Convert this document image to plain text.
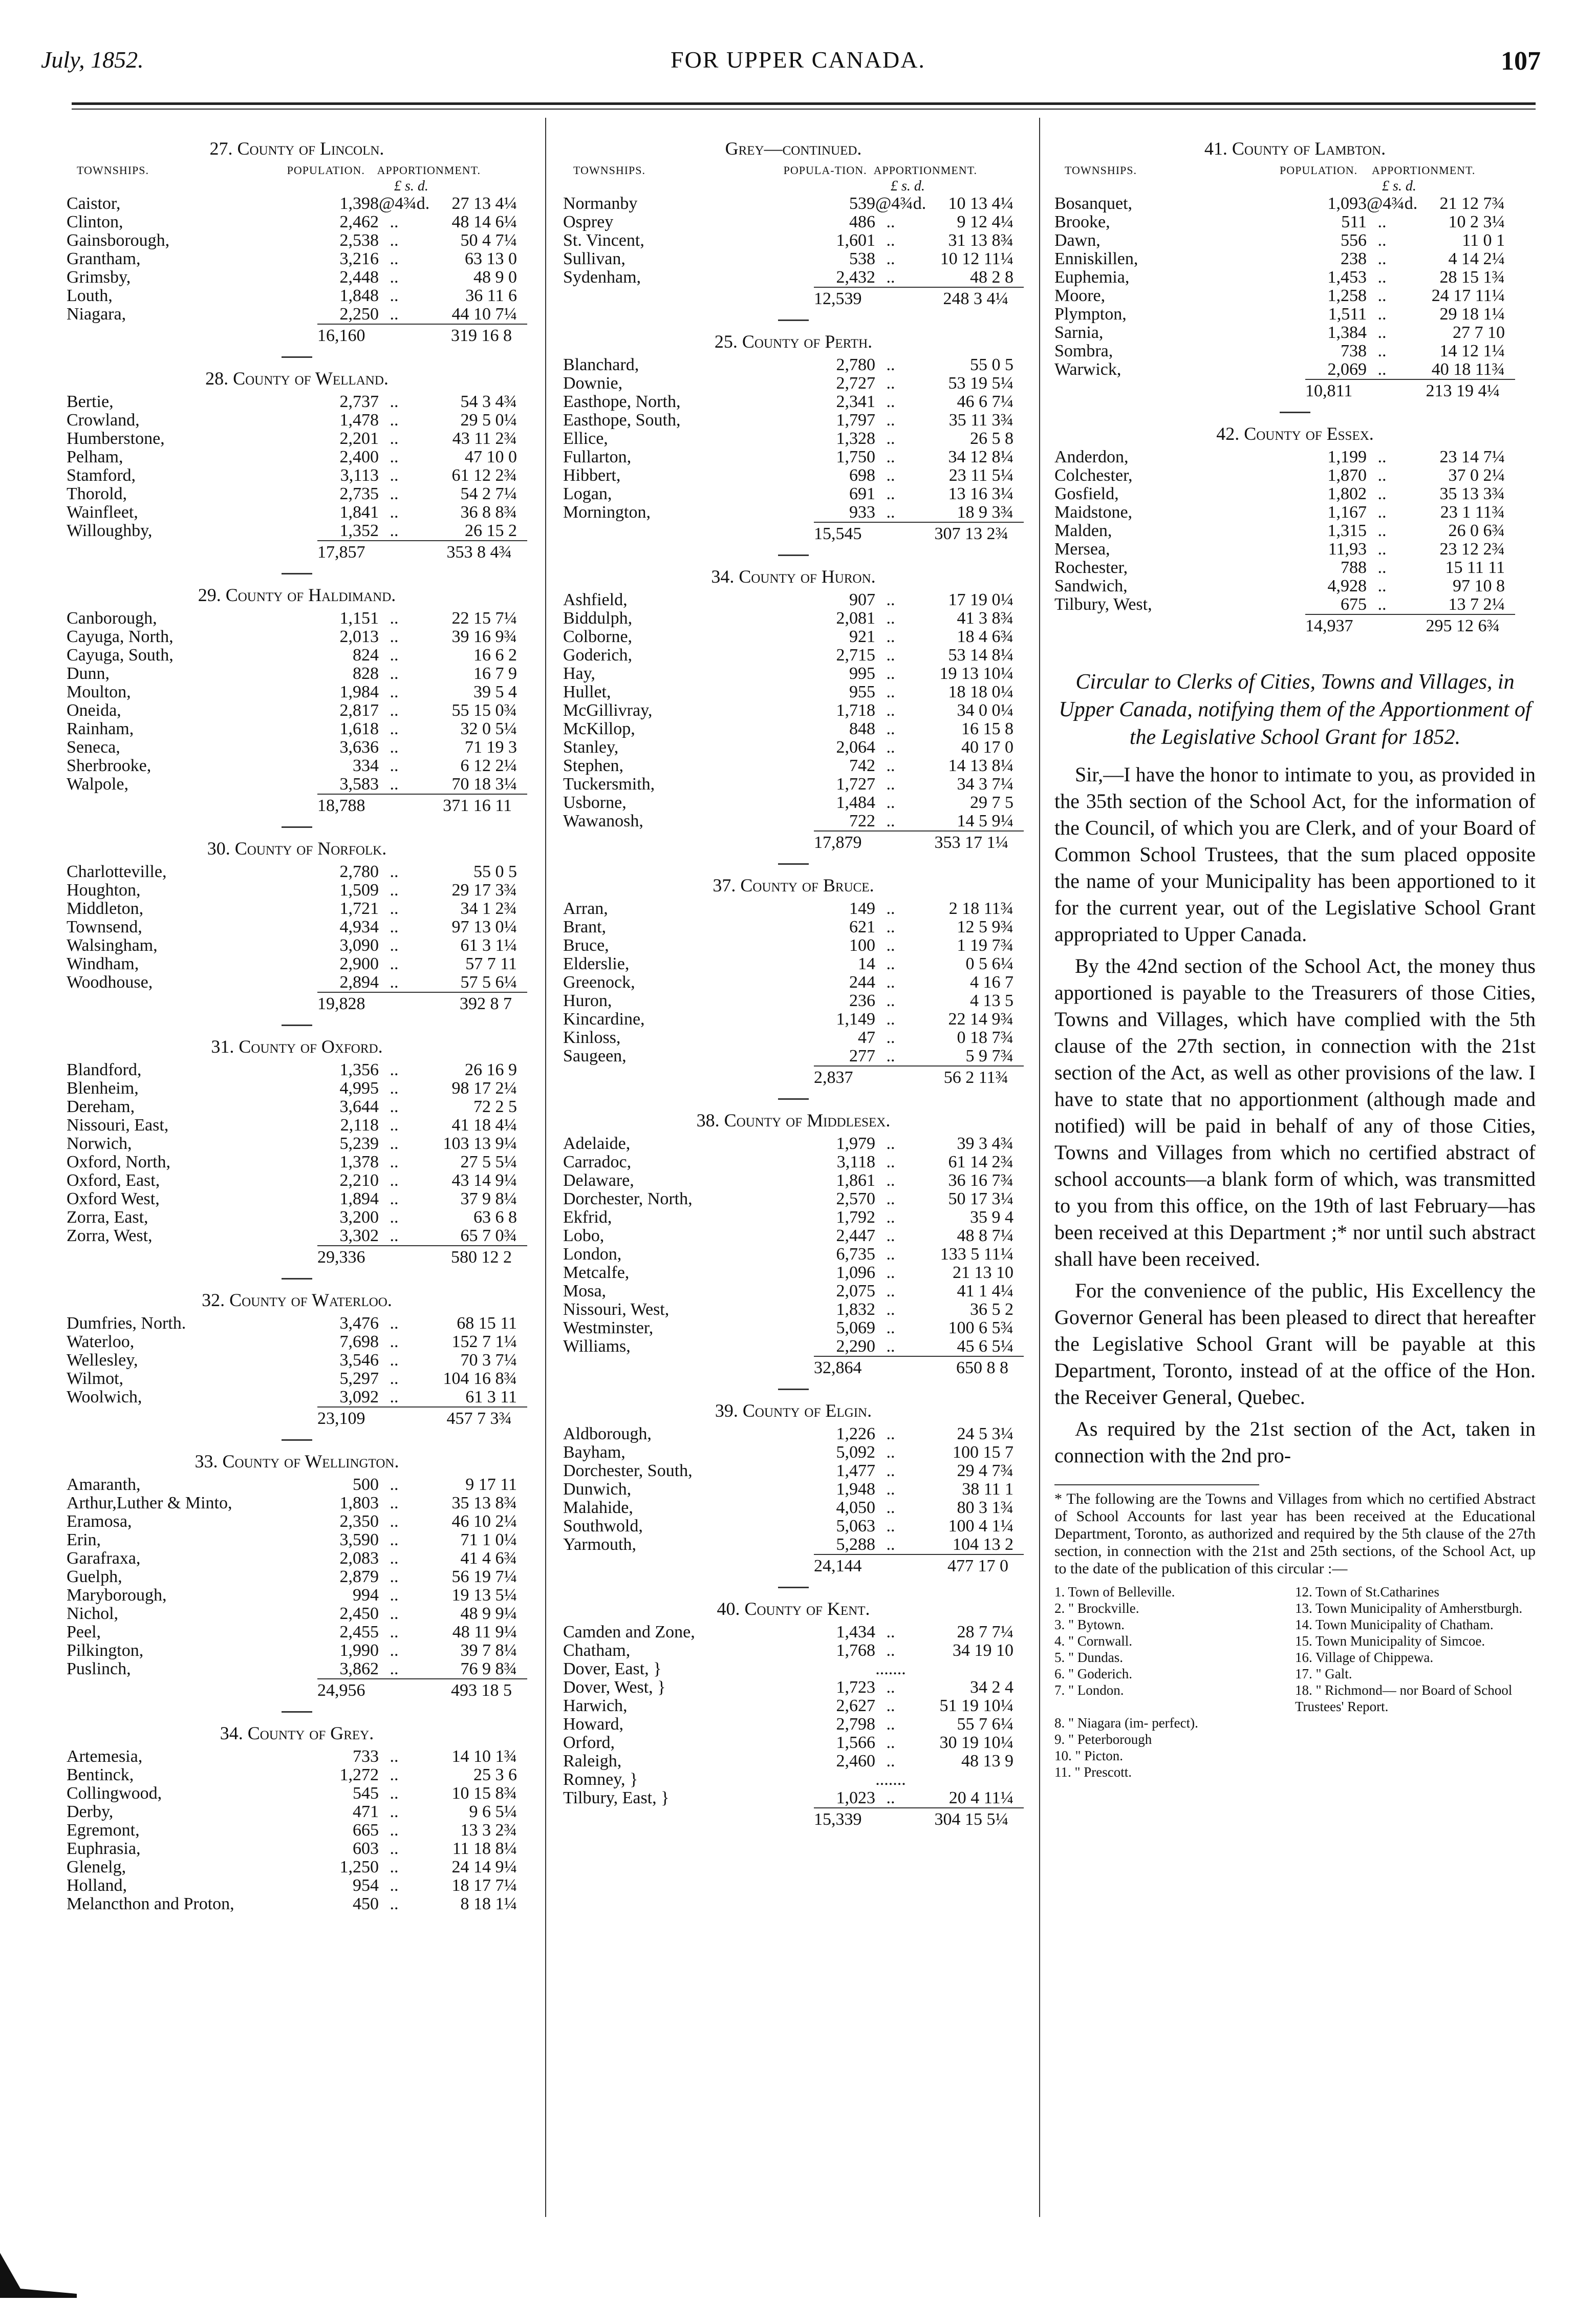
July, 1852.	FOR UPPER CANADA.	107
27. County of Lincoln.
TOWNSHIPS.	POPULATION.	APPORTIONMENT.
£ s. d.
Caistor,	1,398 @4¾d.	27 13 4¼
Clinton,	2,462 ..	48 14 6¼
Gainsborough,	2,538 ..	50 4 7¼
Grantham,	3,216 ..	63 13 0
Grimsby,	2,448 ..	48 9 0
Louth,	1,848 ..	36 11 6
Niagara,	2,250 ..	44 10 7¼
16,160	319 16 8
28. County of Welland.
Bertie,	2,737 ..	54 3 4¾
Crowland,	1,478 ..	29 5 0¼
Humberstone,	2,201 ..	43 11 2¾
Pelham,	2,400 ..	47 10 0
Stamford,	3,113 ..	61 12 2¾
Thorold,	2,735 ..	54 2 7¼
Wainfleet,	1,841 ..	36 8 8¾
Willoughby,	1,352 ..	26 15 2
17,857	353 8 4¾
29. County of Haldimand.
Canborough,	1,151 ..	22 15 7¼
Cayuga, North,	2,013 ..	39 16 9¾
Cayuga, South,	824 ..	16 6 2
Dunn,	828 ..	16 7 9
Moulton,	1,984 ..	39 5 4
Oneida,	2,817 ..	55 15 0¾
Rainham,	1,618 ..	32 0 5¼
Seneca,	3,636 ..	71 19 3
Sherbrooke,	334 ..	6 12 2¼
Walpole,	3,583 ..	70 18 3¼
18,788	371 16 11
30. County of Norfolk.
Charlotteville,	2,780 ..	55 0 5
Houghton,	1,509 ..	29 17 3¾
Middleton,	1,721 ..	34 1 2¾
Townsend,	4,934 ..	97 13 0¼
Walsingham,	3,090 ..	61 3 1¼
Windham,	2,900 ..	57 7 11
Woodhouse,	2,894 ..	57 5 6¼
19,828	392 8 7
31. County of Oxford.
Blandford,	1,356 ..	26 16 9
Blenheim,	4,995 ..	98 17 2¼
Dereham,	3,644 ..	72 2 5
Nissouri, East,	2,118 ..	41 18 4¼
Norwich,	5,239 ..	103 13 9¼
Oxford, North,	1,378 ..	27 5 5¼
Oxford, East,	2,210 ..	43 14 9¼
Oxford West,	1,894 ..	37 9 8¼
Zorra, East,	3,200 ..	63 6 8
Zorra, West,	3,302 ..	65 7 0¾
29,336	580 12 2
32. County of Waterloo.
Dumfries, North.	3,476 ..	68 15 11
Waterloo,	7,698 ..	152 7 1¼
Wellesley,	3,546 ..	70 3 7¼
Wilmot,	5,297 ..	104 16 8¾
Woolwich,	3,092 ..	61 3 11
23,109	457 7 3¾
33. County of Wellington.
Amaranth,	500 ..	9 17 11
Arthur,Luther & Minto,	1,803 ..	35 13 8¾
Eramosa,	2,350 ..	46 10 2¼
Erin,	3,590 ..	71 1 0¼
Garafraxa,	2,083 ..	41 4 6¾
Guelph,	2,879 ..	56 19 7¼
Maryborough,	994 ..	19 13 5¼
Nichol,	2,450 ..	48 9 9¼
Peel,	2,455 ..	48 11 9¼
Pilkington,	1,990 ..	39 7 8¼
Puslinch,	3,862 ..	76 9 8¾
24,956	493 18 5
34. County of Grey.
Artemesia,	733 ..	14 10 1¾
Bentinck,	1,272 ..	25 3 6
Collingwood,	545 ..	10 15 8¾
Derby,	471 ..	9 6 5¼
Egremont,	665 ..	13 3 2¾
Euphrasia,	603 ..	11 18 8¼
Glenelg,	1,250 ..	24 14 9¼
Holland,	954 ..	18 17 7¼
Melancthon and Proton,	450 ..	8 18 1¼
Grey—continued.
TOWNSHIPS.	POPULA-TION. APPORTIONMENT.
£ s. d.
Normanby	539 @4¾d.	10 13 4¼
Osprey	486 ..	9 12 4¼
St. Vincent,	1,601 ..	31 13 8¾
Sullivan,	538 ..	10 12 11¼
Sydenham,	2,432 ..	48 2 8
12,539	248 3 4¼
25. County of Perth.
Blanchard,	2,780 ..	55 0 5
Downie,	2,727 ..	53 19 5¼
Easthope, North,	2,341 ..	46 6 7¼
Easthope, South,	1,797 ..	35 11 3¾
Ellice,	1,328 ..	26 5 8
Fullarton,	1,750 ..	34 12 8¼
Hibbert,	698 ..	23 11 5¼
Logan,	691 ..	13 16 3¼
Mornington,	933 ..	18 9 3¾
15,545	307 13 2¾
34. County of Huron.
Ashfield,	907 ..	17 19 0¼
Biddulph,	2,081 ..	41 3 8¾
Colborne,	921 ..	18 4 6¾
Goderich,	2,715 ..	53 14 8¼
Hay,	995 ..	19 13 10¼
Hullet,	955 ..	18 18 0¼
McGillivray,	1,718 ..	34 0 0¼
McKillop,	848 ..	16 15 8
Stanley,	2,064 ..	40 17 0
Stephen,	742 ..	14 13 8¼
Tuckersmith,	1,727 ..	34 3 7¼
Usborne,	1,484 ..	29 7 5
Wawanosh,	722 ..	14 5 9¼
17,879	353 17 1¼
37. County of Bruce.
Arran,	149 ..	2 18 11¾
Brant,	621 ..	12 5 9¾
Bruce,	100 ..	1 19 7¾
Elderslie,	14 ..	0 5 6¼
Greenock,	244 ..	4 16 7
Huron,	236 ..	4 13 5
Kincardine,	1,149 ..	22 14 9¾
Kinloss,	47 ..	0 18 7¾
Saugeen,	277 ..	5 9 7¾
2,837	56 2 11¾
38. County of Middlesex.
Adelaide,	1,979 ..	39 3 4¾
Carradoc,	3,118 ..	61 14 2¾
Delaware,	1,861 ..	36 16 7¾
Dorchester, North,	2,570 ..	50 17 3¼
Ekfrid,	1,792 ..	35 9 4
Lobo,	2,447 ..	48 8 7¼
London,	6,735 ..	133 5 11¼
Metcalfe,	1,096 ..	21 13 10
Mosa,	2,075 ..	41 1 4¼
Nissouri, West,	1,832 ..	36 5 2
Westminster,	5,069 ..	100 6 5¾
Williams,	2,290 ..	45 6 5¼
32,864	650 8 8
39. County of Elgin.
Aldborough,	1,226 ..	24 5 3¼
Bayham,	5,092 ..	100 15 7
Dorchester, South,	1,477 ..	29 4 7¾
Dunwich,	1,948 ..	38 11 1
Malahide,	4,050 ..	80 3 1¾
Southwold,	5,063 ..	100 4 1¼
Yarmouth,	5,288 ..	104 13 2
24,144	477 17 0
40. County of Kent.
Camden and Zone,	1,434 ..	28 7 7¼
Chatham,	1,768 ..	34 19 10
Dover, East, }	.......
Dover, West, }	1,723 ..	34 2 4
Harwich,	2,627 ..	51 19 10¼
Howard,	2,798 ..	55 7 6¼
Orford,	1,566 ..	30 19 10¼
Raleigh,	2,460 ..	48 13 9
Romney, }	.......
Tilbury, East, }	1,023 ..	20 4 11¼
15,339	304 15 5¼
41. County of Lambton.
TOWNSHIPS.	POPULATION.	APPORTIONMENT.
£ s. d.
Bosanquet,	1,093 @4¾d.	21 12 7¾
Brooke,	511 ..	10 2 3¼
Dawn,	556 ..	11 0 1
Enniskillen,	238 ..	4 14 2¼
Euphemia,	1,453 ..	28 15 1¾
Moore,	1,258 ..	24 17 11¼
Plympton,	1,511 ..	29 18 1¼
Sarnia,	1,384 ..	27 7 10
Sombra,	738 ..	14 12 1¼
Warwick,	2,069 ..	40 18 11¾
10,811	213 19 4¼
42. County of Essex.
Anderdon,	1,199 ..	23 14 7¼
Colchester,	1,870 ..	37 0 2¼
Gosfield,	1,802 ..	35 13 3¾
Maidstone,	1,167 ..	23 1 11¾
Malden,	1,315 ..	26 0 6¾
Mersea,	11,93 ..	23 12 2¾
Rochester,	788 ..	15 11 11
Sandwich,	4,928 ..	97 10 8
Tilbury, West,	675 ..	13 7 2¼
14,937	295 12 6¾
Circular to Clerks of Cities, Towns and Villages, in Upper Canada, notifying them of the Apportionment of the Legislative School Grant for 1852.

Sir,—I have the honor to intimate to you, as provided in the 35th section of the School Act, for the information of the Council, of which you are Clerk, and of your Board of Common School Trustees, that the sum placed opposite the name of your Municipality has been apportioned to it for the current year, out of the Legislative School Grant appropriated to Upper Canada.

By the 42nd section of the School Act, the money thus apportioned is payable to the Treasurers of those Cities, Towns and Villages, which have complied with the 5th clause of the 27th section, in connection with the 21st section of the Act, as well as other provisions of the law. I have to state that no apportionment (although made and notified) will be paid in behalf of any of those Cities, Towns and Villages from which no certified abstract of school accounts—a blank form of which, was transmitted to you from this office, on the 19th of last February—has been received at this Department ;* nor until such abstract shall have been received.

For the convenience of the public, His Excellency the Governor General has been pleased to direct that hereafter the Legislative School Grant will be payable at this Department, Toronto, instead of at the office of the Hon. the Receiver General, Quebec.

As required by the 21st section of the Act, taken in connection with the 2nd pro-

* The following are the Towns and Villages from which no certified Abstract of School Accounts for last year has been received at the Educational Department, Toronto, as authorized and required by the 5th clause of the 27th section, in connection with the 21st and 25th sections, of the School Act, up to the date of the publication of this circular :—
1. Town of Belleville.	12. Town of St.Catharines
2. " Brockville.	13. Town Municipality of Amherstburgh.
3. " Bytown.	14. Town Municipality of Chatham.
4. " Cornwall.	15. Town Municipality of Simcoe.
5. " Dundas.	16. Village of Chippewa.
6. " Goderich.	17. " Galt.
7. " London.	18. " Richmond— nor Board of School Trustees' Report.
8. " Niagara (im- perfect).
9. " Peterborough
10. " Picton.
11. " Prescott.
